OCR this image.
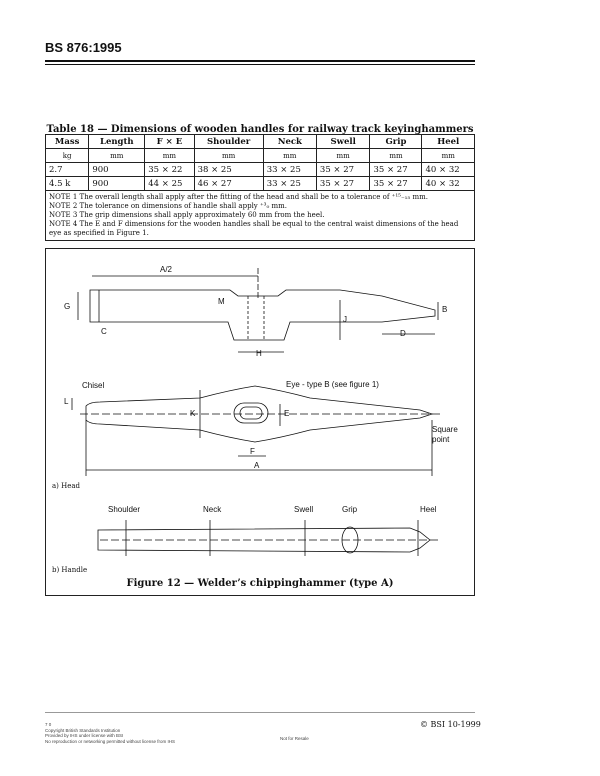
BS 876:1995
Table 18 — Dimensions of wooden handles for railway track keyinghammers
Mass	Length	F × E	Shoulder	Neck	Swell	Grip	Heel
kg	mm	mm	mm	mm	mm	mm	mm
2.7	900	35 × 22	38 × 25	33 × 25	35 × 27	35 × 27	40 × 32
4.5 k	900	44 × 25	46 × 27	33 × 25	35 × 27	35 × 27	40 × 32

NOTE 1 The overall length shall apply after the fitting of the head and shall be to a tolerance of ⁺¹⁵₋₁₅ mm.
NOTE 2 The tolerance on dimensions of handle shall apply ⁺³₀ mm.
NOTE 3 The grip dimensions shall apply approximately 60 mm from the heel.
NOTE 4 The E and F dimensions for the wooden handles shall be equal to the central waist dimensions of the head eye as specified in Figure 1.							
A/2
G
M
B
J
C	D
H
Chisel	Eye - type B (see figure 1)
K	E
L
F
A
Square
point
Shoulder	Neck	Swell	Grip	Heel
a) Head
b) Handle
Figure 12 — Welder’s chippinghammer (type A)
7 0
Copyright British Standards Institution
Provided by IHS under license with BSI
No reproduction or networking permitted without license from IHS	Not for Resale
© BSI 10-1999
